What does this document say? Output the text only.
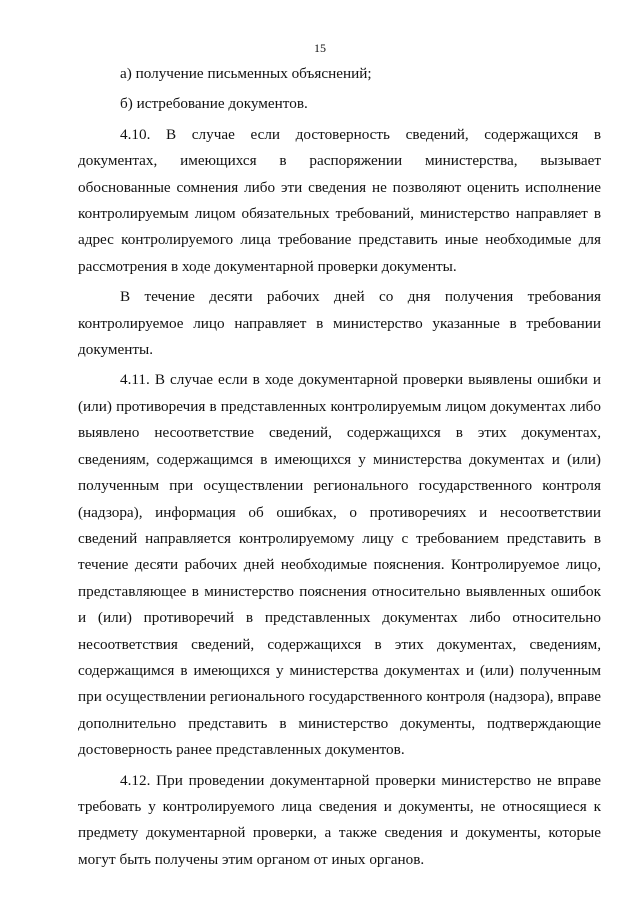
15

а) получение письменных объяснений;

б) истребование документов.

4.10. В случае если достоверность сведений, содержащихся в документах, имеющихся в распоряжении министерства, вызывает обоснованные сомнения либо эти сведения не позволяют оценить исполнение контролируемым лицом обязательных требований, министерство направляет в адрес контролируемого лица требование представить иные необходимые для рассмотрения в ходе документарной проверки документы.

В течение десяти рабочих дней со дня получения требования контролируемое лицо направляет в министерство указанные в требовании документы.

4.11. В случае если в ходе документарной проверки выявлены ошибки и (или) противоречия в представленных контролируемым лицом документах либо выявлено несоответствие сведений, содержащихся в этих документах, сведениям, содержащимся в имеющихся у министерства документах и (или) полученным при осуществлении регионального государственного контроля (надзора), информация об ошибках, о противоречиях и несоответствии сведений направляется контролируемому лицу с требованием представить в течение десяти рабочих дней необходимые пояснения. Контролируемое лицо, представляющее в министерство пояснения относительно выявленных ошибок и (или) противоречий в представленных документах либо относительно несоответствия сведений, содержащихся в этих документах, сведениям, содержащимся в имеющихся у министерства документах и (или) полученным при осуществлении регионального государственного контроля (надзора), вправе дополнительно представить в министерство документы, подтверждающие достоверность ранее представленных документов.

4.12. При проведении документарной проверки министерство не вправе требовать у контролируемого лица сведения и документы, не относящиеся к предмету документарной проверки, а также сведения и документы, которые могут быть получены этим органом от иных органов.
